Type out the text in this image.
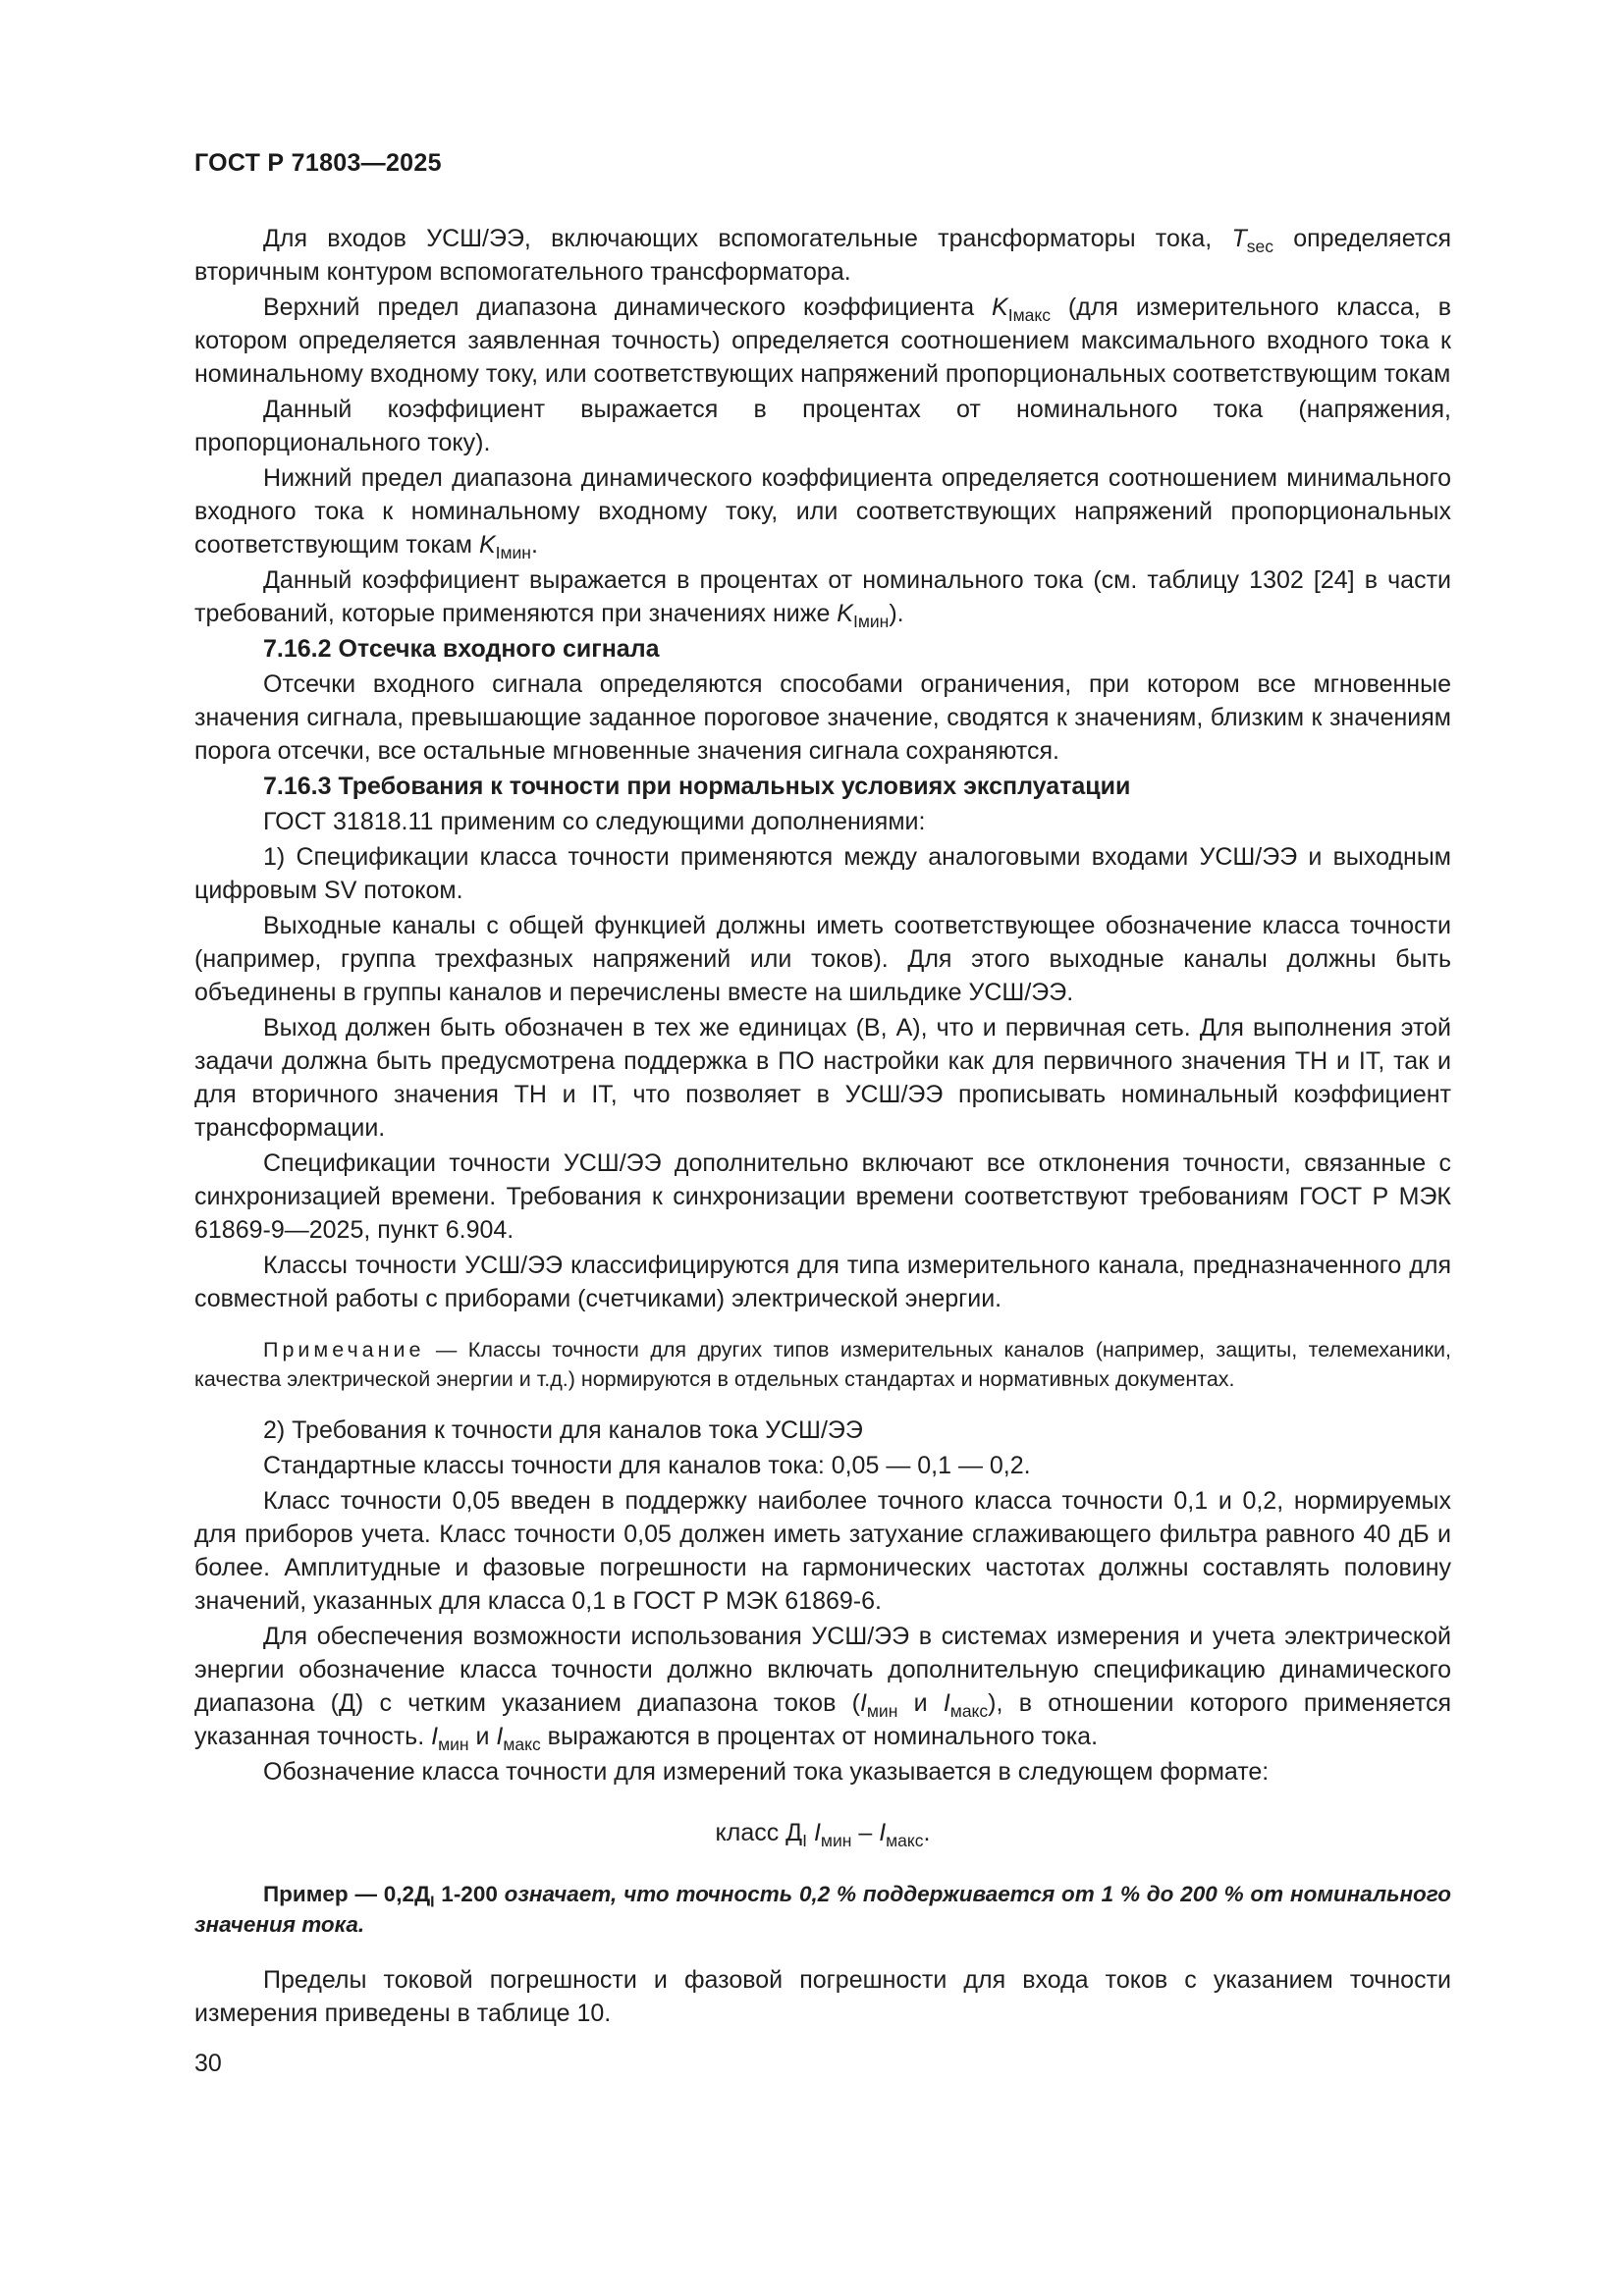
ГОСТ Р 71803—2025

Для входов УСШ/ЭЭ, включающих вспомогательные трансформаторы тока, $T_{sec}$ определяется вторичным контуром вспомогательного трансформатора.

Верхний предел диапазона динамического коэффициента $K_{Iмакс}$ (для измерительного класса, в котором определяется заявленная точность) определяется соотношением максимального входного тока к номинальному входному току, или соответствующих напряжений пропорциональных соответствующим токам

Данный коэффициент выражается в процентах от номинального тока (напряжения, пропорционального току).

Нижний предел диапазона динамического коэффициента определяется соотношением минимального входного тока к номинальному входному току, или соответствующих напряжений пропорциональных соответствующим токам $K_{Iмин}$.

Данный коэффициент выражается в процентах от номинального тока (см. таблицу 1302 [24] в части требований, которые применяются при значениях ниже $K_{Iмин}$).

7.16.2 Отсечка входного сигнала

Отсечки входного сигнала определяются способами ограничения, при котором все мгновенные значения сигнала, превышающие заданное пороговое значение, сводятся к значениям, близким к значениям порога отсечки, все остальные мгновенные значения сигнала сохраняются.

7.16.3 Требования к точности при нормальных условиях эксплуатации

ГОСТ 31818.11 применим со следующими дополнениями:

1) Спецификации класса точности применяются между аналоговыми входами УСШ/ЭЭ и выходным цифровым SV потоком.

Выходные каналы с общей функцией должны иметь соответствующее обозначение класса точности (например, группа трехфазных напряжений или токов). Для этого выходные каналы должны быть объединены в группы каналов и перечислены вместе на шильдике УСШ/ЭЭ.

Выход должен быть обозначен в тех же единицах (В, А), что и первичная сеть. Для выполнения этой задачи должна быть предусмотрена поддержка в ПО настройки как для первичного значения ТН и IT, так и для вторичного значения ТН и IT, что позволяет в УСШ/ЭЭ прописывать номинальный коэффициент трансформации.

Спецификации точности УСШ/ЭЭ дополнительно включают все отклонения точности, связанные с синхронизацией времени. Требования к синхронизации времени соответствуют требованиям ГОСТ Р МЭК 61869-9—2025, пункт 6.904.

Классы точности УСШ/ЭЭ классифицируются для типа измерительного канала, предназначенного для совместной работы с приборами (счетчиками) электрической энергии.

Примечание — Классы точности для других типов измерительных каналов (например, защиты, телемеханики, качества электрической энергии и т.д.) нормируются в отдельных стандартах и нормативных документах.

2) Требования к точности для каналов тока УСШ/ЭЭ

Стандартные классы точности для каналов тока: 0,05 — 0,1 — 0,2.

Класс точности 0,05 введен в поддержку наиболее точного класса точности 0,1 и 0,2, нормируемых для приборов учета. Класс точности 0,05 должен иметь затухание сглаживающего фильтра равного 40 дБ и более. Амплитудные и фазовые погрешности на гармонических частотах должны составлять половину значений, указанных для класса 0,1 в ГОСТ Р МЭК 61869-6.

Для обеспечения возможности использования УСШ/ЭЭ в системах измерения и учета электрической энергии обозначение класса точности должно включать дополнительную спецификацию динамического диапазона (Д) с четким указанием диапазона токов ($I_{мин}$ и $I_{макс}$), в отношении которого применяется указанная точность. $I_{мин}$ и $I_{макс}$ выражаются в процентах от номинального тока.

Обозначение класса точности для измерений тока указывается в следующем формате:

класс $Д_I$ $I_{мин} - I_{макс}$.

Пример — $0,2Д_I$ 1-200 означает, что точность 0,2 % поддерживается от 1 % до 200 % от номинального значения тока.

Пределы токовой погрешности и фазовой погрешности для входа токов с указанием точности измерения приведены в таблице 10.

30
